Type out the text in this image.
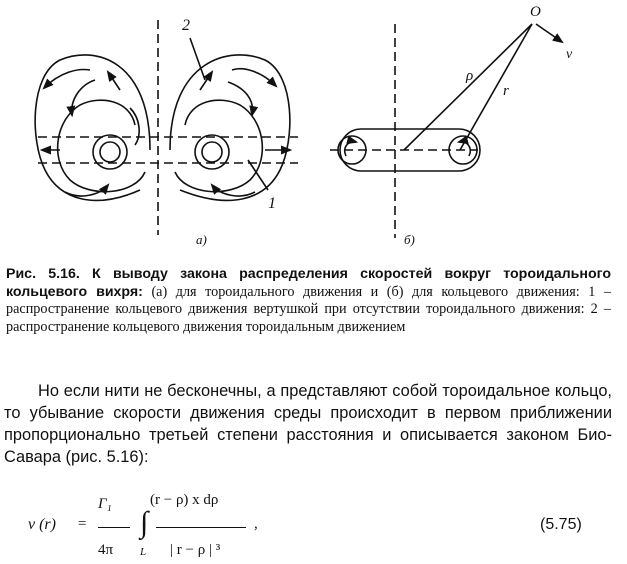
2
1
а)
O
v
ρ
r
б)
Рис. 5.16. К выводу закона распределения скоростей вокруг тороидального кольцевого вихря: (а) для тороидального движения и (б) для кольцевого движения: 1 – распространение кольцевого движения вертушкой при отсутствии тороидального движения: 2 – распространение кольцевого движения тороидальным движением
Но если нити не бесконечны, а представляют собой тороидальное кольцо, то убывание скорости движения среды происходит в первом приближении пропорционально третьей степени расстояния и описывается законом Био-Савара (рис. 5.16):
Γ₁	(r − ρ) x dρ
v (r) = ∫	,
4π L | r − ρ | ³
(5.75)
